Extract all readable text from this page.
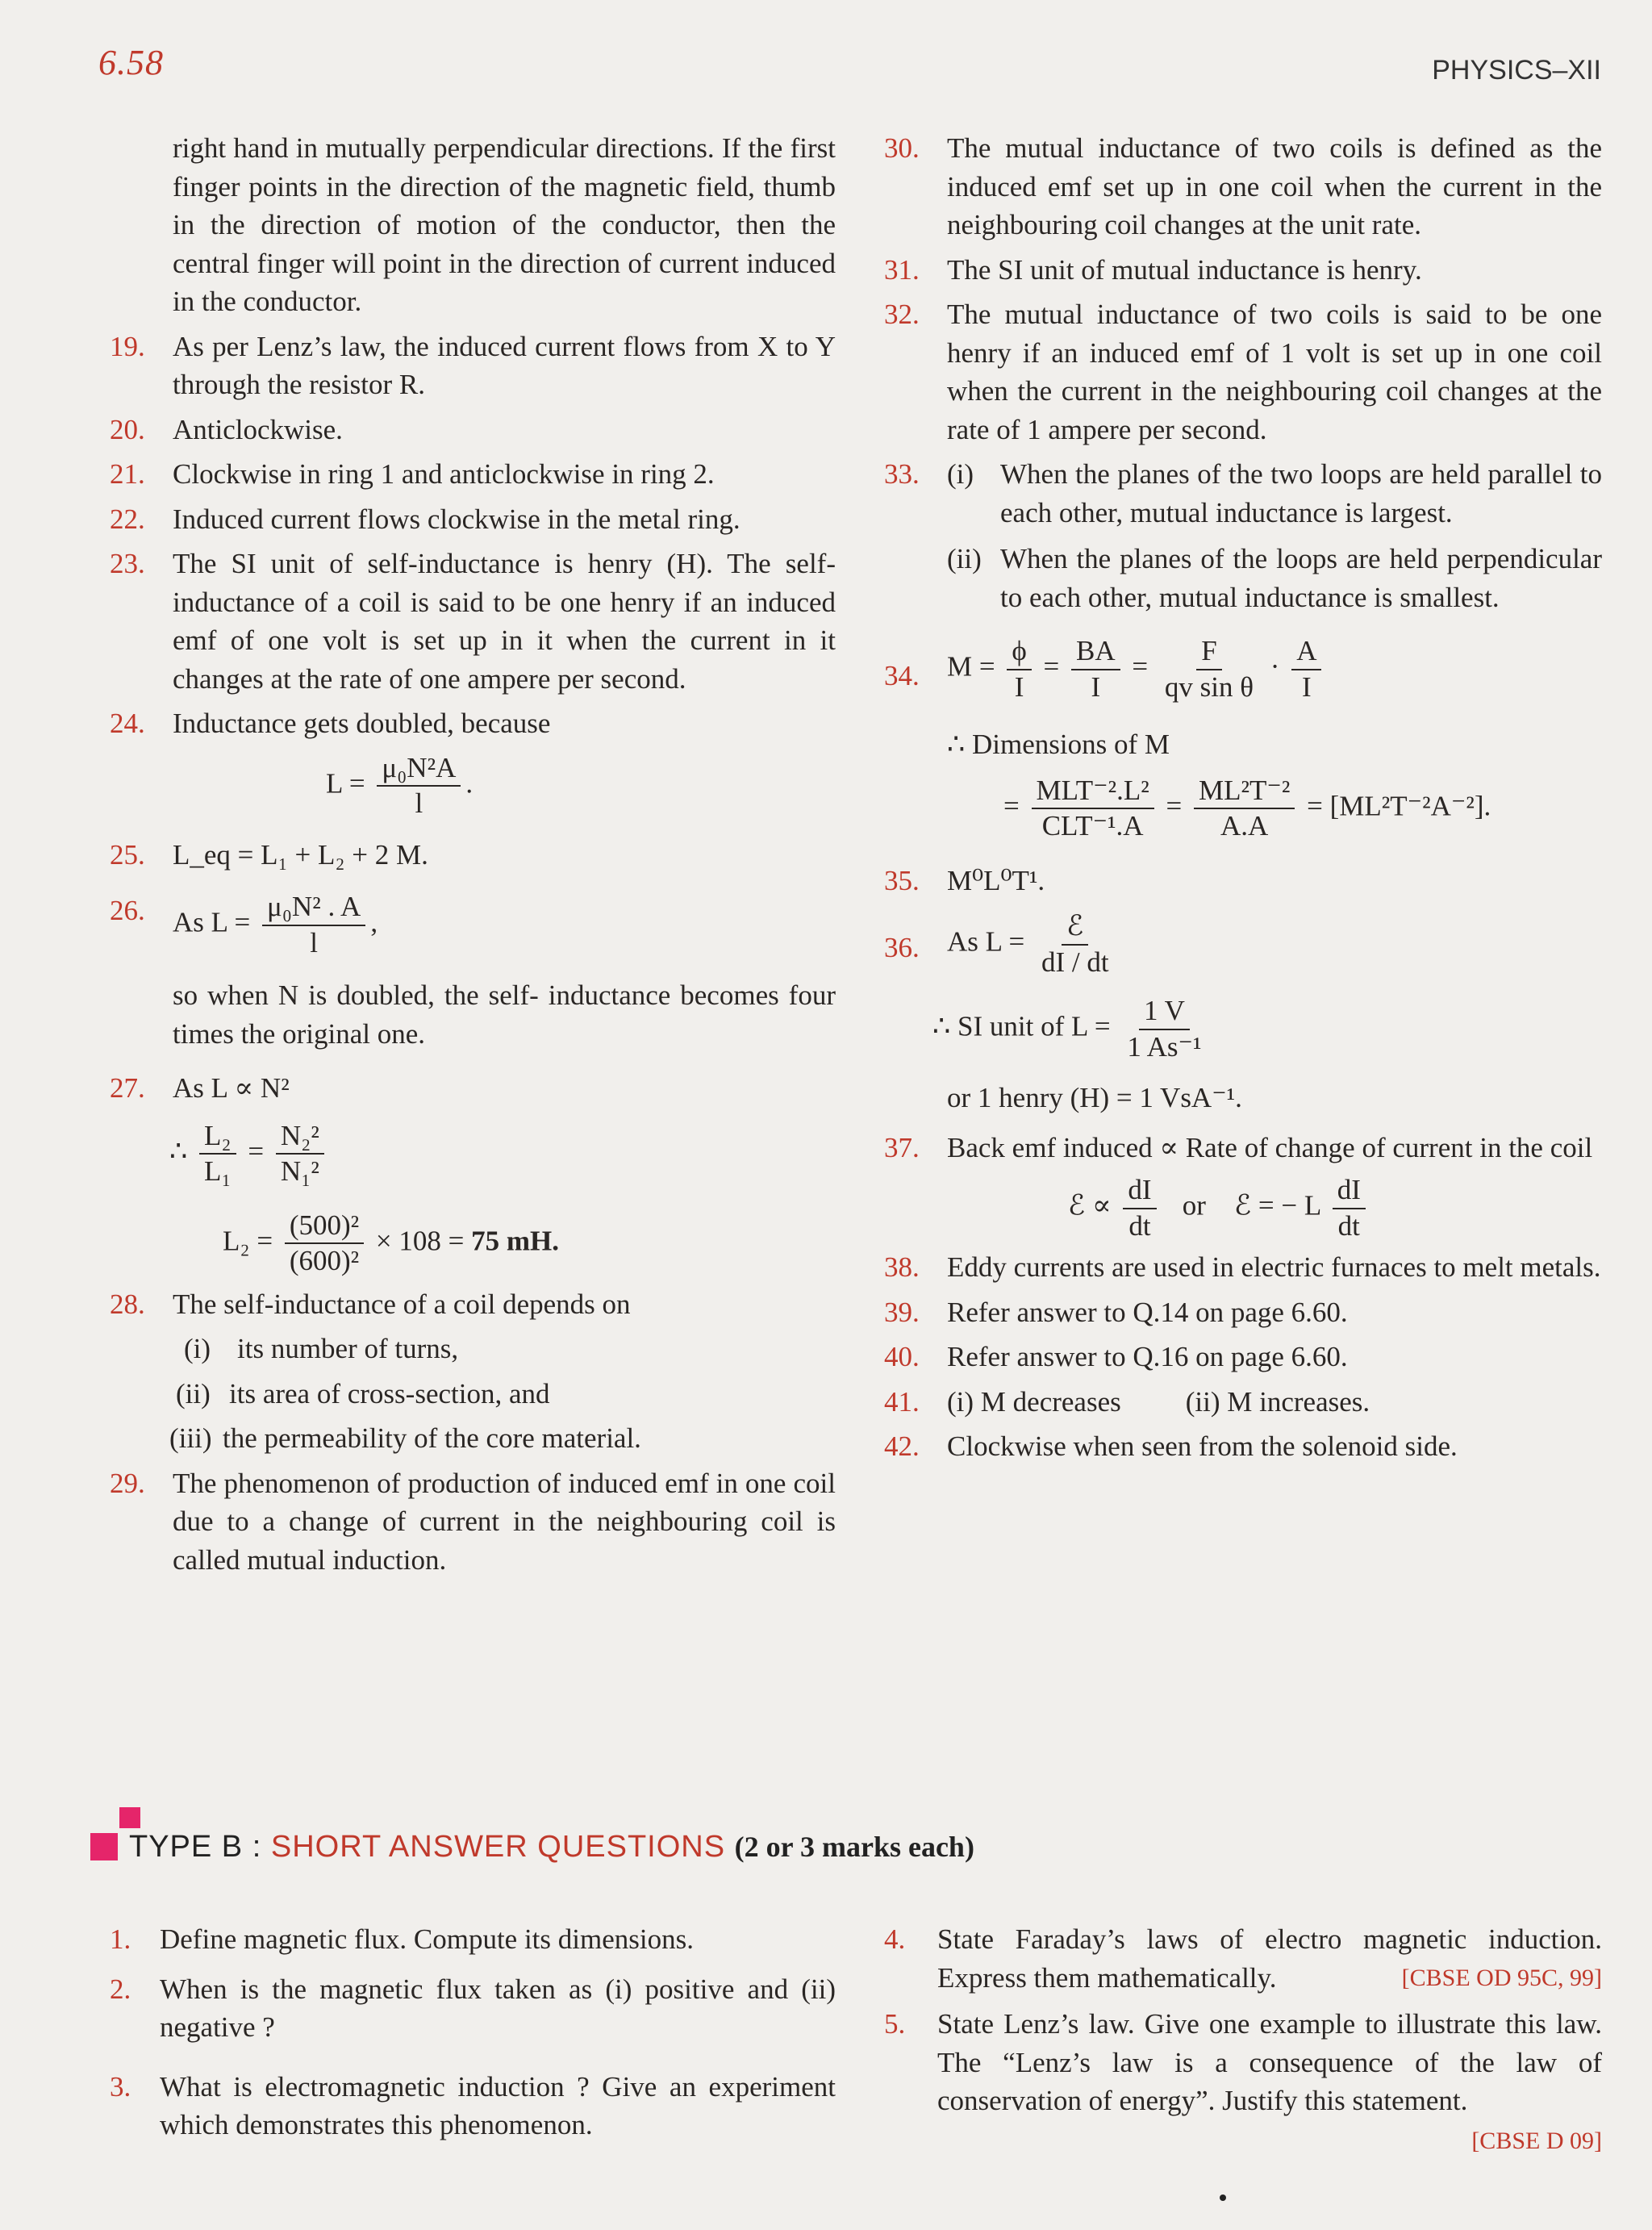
6.58	PHYSICS–XII
right hand in mutually perpendicular directions. If the first finger points in the direction of the magnetic field, thumb in the direction of motion of the conductor, then the central finger will point in the direction of current induced in the conductor.
19. As per Lenz’s law, the induced current flows from X to Y through the resistor R.
20. Anticlockwise.
21. Clockwise in ring 1 and anticlockwise in ring 2.
22. Induced current flows clockwise in the metal ring.
23. The SI unit of self-inductance is henry (H). The self-inductance of a coil is said to be one henry if an induced emf of one volt is set up in it when the current in it changes at the rate of one ampere per second.
24. Inductance gets doubled, because
$L = \frac{\text{μ₀N²A}}{l}$ .
25. L_eq = L₁ + L₂ + 2 M.
26. As $L = \frac{\text{μ₀N² . A}}{l}$ ,
so when N is doubled, the self- inductance becomes four times the original one.
27. As L ∝ N²
∴ $\frac{\text{L₂}}{\text{L₁}} = \frac{\text{N₂²}}{\text{N₁²}}$
$L_2 = \frac{\text{(500)²}}{\text{(600)²}} \times 108 = 75$ mH.
28. The self-inductance of a coil depends on
(i) its number of turns,
(ii) its area of cross-section, and
(iii) the permeability of the core material.
29. The phenomenon of production of induced emf in one coil due to a change of current in the neighbouring coil is called mutual induction.
30. The mutual inductance of two coils is defined as the induced emf set up in one coil when the current in the neighbouring coil changes at the unit rate.
31. The SI unit of mutual inductance is henry.
32. The mutual inductance of two coils is said to be one henry if an induced emf of 1 volt is set up in one coil when the current in the neighbouring coil changes at the rate of 1 ampere per second.
33. (i) When the planes of the two loops are held parallel to each other, mutual inductance is largest.
(ii) When the planes of the loops are held perpendicular to each other, mutual inductance is smallest.
34. $M = \frac{\phi}{I} = \frac{BA}{I} = \frac{F}{\text{qv sin θ}} \cdot \frac{A}{I}$
∴ Dimensions of M
= $\frac{\text{MLT⁻².L²}}{\text{CLT⁻¹.A}} = \frac{\text{ML²T⁻²}}{A.A} = [ML^2T^{-2}A^{-2}]$.
35. M⁰L⁰T¹.
36. As $L = \frac{\text{ℰ}}{dI / dt}$
∴ SI unit of $L = \frac{1 V}{\text{1 As⁻¹}}$
or 1 henry (H) = 1 VsA⁻¹.
37. Back emf induced ∝ Rate of change of current in the coil
ℰ ∝ $\frac{dI}{dt}$ or ℰ = − L $\frac{dI}{dt}$
38. Eddy currents are used in electric furnaces to melt metals.
39. Refer answer to Q.14 on page 6.60.
40. Refer answer to Q.16 on page 6.60.
41. (i) M decreases (ii) M increases.
42. Clockwise when seen from the solenoid side.
TYPE B : SHORT ANSWER QUESTIONS (2 or 3 marks each)
1. Define magnetic flux. Compute its dimensions.
2. When is the magnetic flux taken as (i) positive and (ii) negative ?
3. What is electromagnetic induction ? Give an experiment which demonstrates this phenomenon.
4. State Faraday’s laws of electro magnetic induction. Express them mathematically.	[CBSE OD 95C, 99]
5. State Lenz’s law. Give one example to illustrate this law. The “Lenz’s law is a consequence of the law of conservation of energy”. Justify this statement.
[CBSE D 09]
